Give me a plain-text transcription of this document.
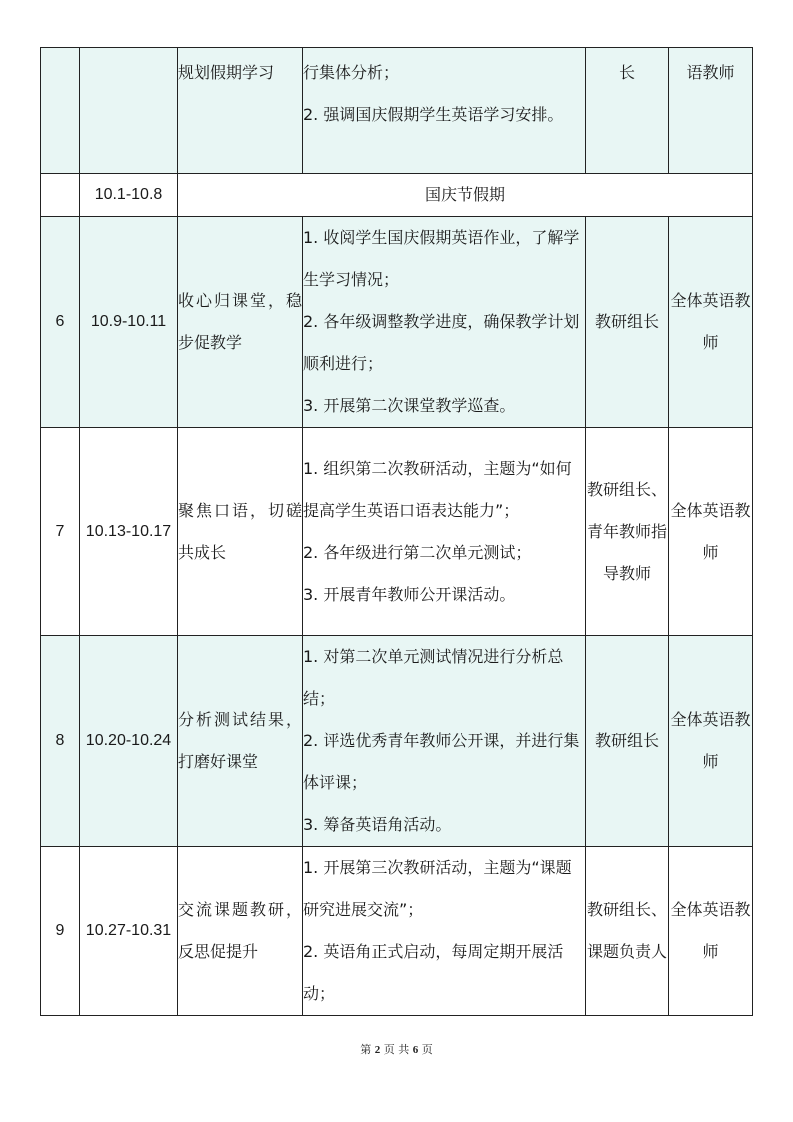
		规划假期学习	行集体分析；
2. 强调国庆假期学生英语学习安排。	长	语教师
	10.1-10.8	国庆节假期			
6	10.9-10.11	收心归课堂，稳步促教学	1. 收阅学生国庆假期英语作业，了解学生学习情况；
2. 各年级调整教学进度，确保教学计划顺利进行；
3. 开展第二次课堂教学巡查。	教研组长	全体英语教师
7	10.13-10.17	聚焦口语，切磋共成长	1. 组织第二次教研活动，主题为“如何提高学生英语口语表达能力”；
2. 各年级进行第二次单元测试；
3. 开展青年教师公开课活动。	教研组长、青年教师指导教师	全体英语教师
8	10.20-10.24	分析测试结果，打磨好课堂	1. 对第二次单元测试情况进行分析总结；
2. 评选优秀青年教师公开课，并进行集体评课；
3. 筹备英语角活动。	教研组长	全体英语教师
9	10.27-10.31	交流课题教研，反思促提升	1. 开展第三次教研活动，主题为“课题研究进展交流”；
2. 英语角正式启动，每周定期开展活动；	教研组长、课题负责人	全体英语教师
第 2 页 共 6 页
